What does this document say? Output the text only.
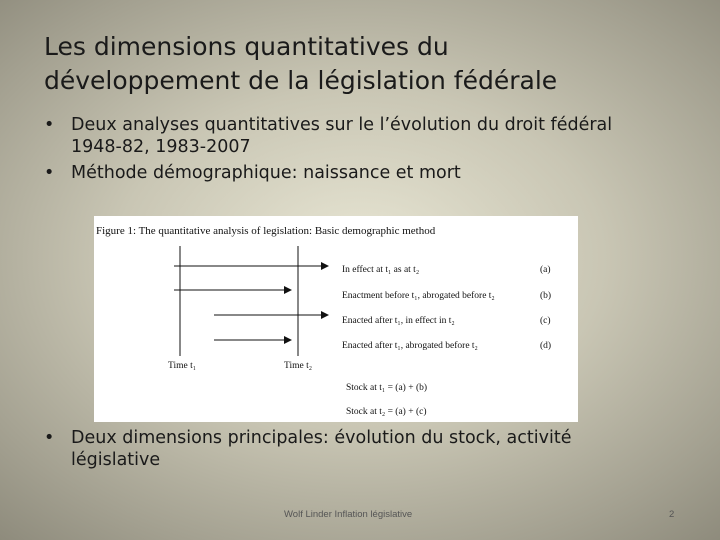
Les dimensions quantitatives du
développement de la législation fédérale
• Deux analyses quantitatives sur le l’évolution du droit fédéral
1948-82, 1983-2007
• Méthode démographique: naissance et mort
Figure 1: The quantitative analysis of legislation: Basic demographic method
In effect at t₁ as at t₂	(a)
Enactment before t₁, abrogated before t₂	(b)
Enacted after t₁, in effect in t₂	(c)
Enacted after t₁, abrogated before t₂	(d)
Time t₁	Time t₂
Stock at t₁ = (a) + (b)
Stock at t₂ = (a) + (c)
• Deux dimensions principales: évolution du stock, activité
législative
Wolf Linder Inflation législative	2
